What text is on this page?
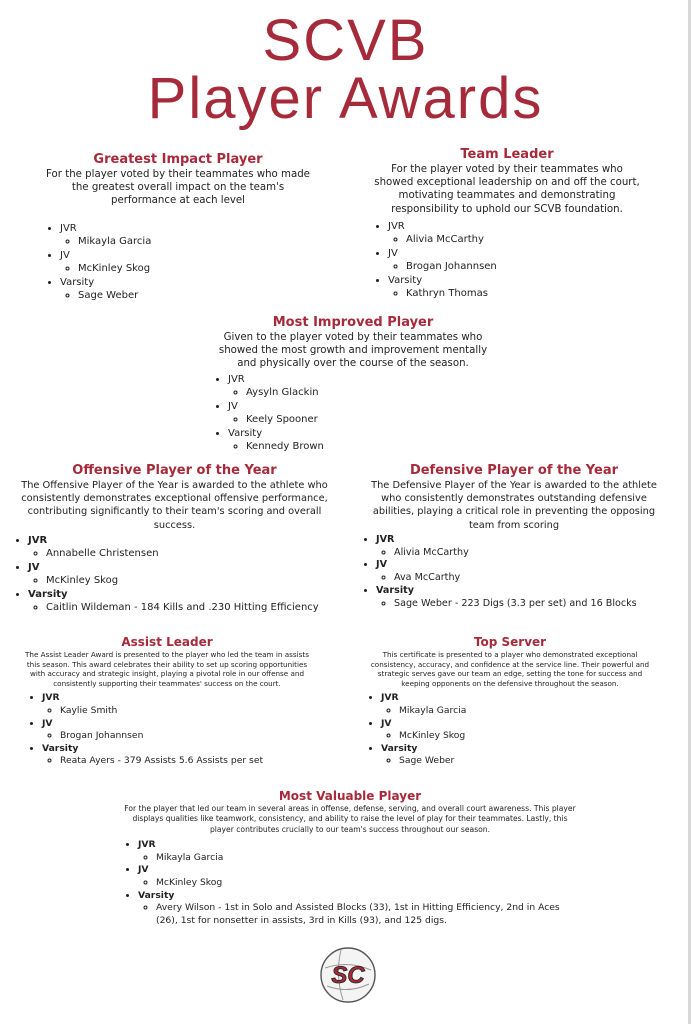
SCVB
Player Awards
Greatest Impact Player
For the player voted by their teammates who made the greatest overall impact on the team's performance at each level
• JVR
◦ Mikayla Garcia
• JV
◦ McKinley Skog
• Varsity
◦ Sage Weber
Team Leader
For the player voted by their teammates who showed exceptional leadership on and off the court, motivating teammates and demonstrating responsibility to uphold our SCVB foundation.
• JVR
◦ Alivia McCarthy
• JV
◦ Brogan Johannsen
• Varsity
◦ Kathryn Thomas
Most Improved Player
Given to the player voted by their teammates who showed the most growth and improvement mentally and physically over the course of the season.
• JVR
◦ Aysyln Glackin
• JV
◦ Keely Spooner
• Varsity
◦ Kennedy Brown
Offensive Player of the Year
The Offensive Player of the Year is awarded to the athlete who consistently demonstrates exceptional offensive performance, contributing significantly to their team's scoring and overall success.
• JVR
◦ Annabelle Christensen
• JV
◦ McKinley Skog
• Varsity
◦ Caitlin Wildeman - 184 Kills and .230 Hitting Efficiency
Defensive Player of the Year
The Defensive Player of the Year is awarded to the athlete who consistently demonstrates outstanding defensive abilities, playing a critical role in preventing the opposing team from scoring
• JVR
◦ Alivia McCarthy
• JV
◦ Ava McCarthy
• Varsity
◦ Sage Weber - 223 Digs (3.3 per set) and 16 Blocks
Assist Leader
The Assist Leader Award is presented to the player who led the team in assists this season. This award celebrates their ability to set up scoring opportunities with accuracy and strategic insight, playing a pivotal role in our offense and consistently supporting their teammates' success on the court.
• JVR
◦ Kaylie Smith
• JV
◦ Brogan Johannsen
• Varsity
◦ Reata Ayers - 379 Assists 5.6 Assists per set
Top Server
This certificate is presented to a player who demonstrated exceptional consistency, accuracy, and confidence at the service line. Their powerful and strategic serves gave our team an edge, setting the tone for success and keeping opponents on the defensive throughout the season.
• JVR
◦ Mikayla Garcia
• JV
◦ McKinley Skog
• Varsity
◦ Sage Weber
Most Valuable Player
For the player that led our team in several areas in offense, defense, serving, and overall court awareness. This player displays qualities like teamwork, consistency, and ability to raise the level of play for their teammates. Lastly, this player contributes crucially to our team's success throughout our season.
• JVR
◦ Mikayla Garcia
• JV
◦ McKinley Skog
• Varsity
◦ Avery Wilson - 1st in Solo and Assisted Blocks (33), 1st in Hitting Efficiency, 2nd in Aces (26), 1st for nonsetter in assists, 3rd in Kills (93), and 125 digs.
SC
